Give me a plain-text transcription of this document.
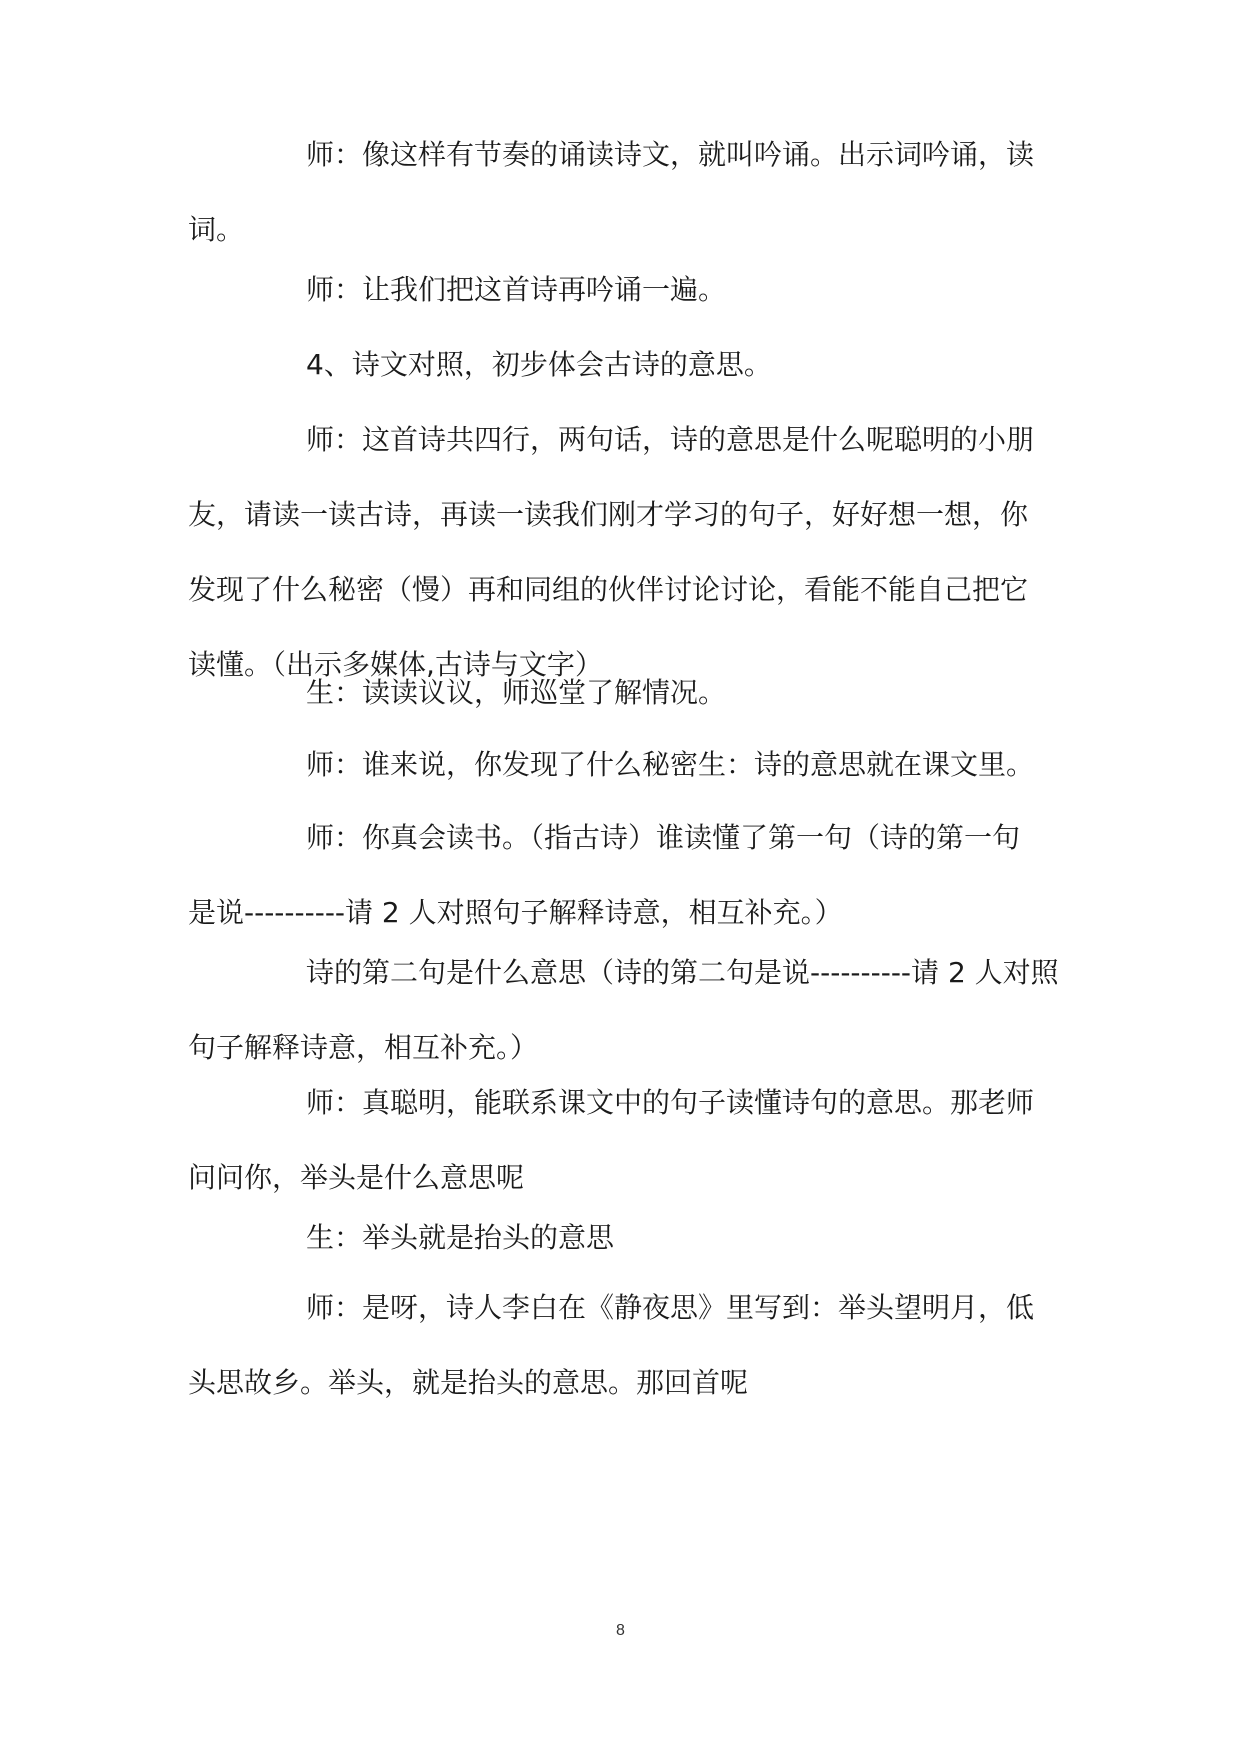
师：像这样有节奏的诵读诗文，就叫吟诵。出示词吟诵，读
词。
师：让我们把这首诗再吟诵一遍。
4、诗文对照，初步体会古诗的意思。
师：这首诗共四行，两句话，诗的意思是什么呢聪明的小朋
友，请读一读古诗，再读一读我们刚才学习的句子，好好想一想，你
发现了什么秘密（慢）再和同组的伙伴讨论讨论，看能不能自己把它
读懂。（出示多媒体,古诗与文字）
生：读读议议，师巡堂了解情况。
师：谁来说，你发现了什么秘密生：诗的意思就在课文里。
师：你真会读书。（指古诗）谁读懂了第一句（诗的第一句
是说----------请 2 人对照句子解释诗意，相互补充。）
诗的第二句是什么意思（诗的第二句是说----------请 2 人对照
句子解释诗意，相互补充。）
师：真聪明，能联系课文中的句子读懂诗句的意思。那老师
问问你，举头是什么意思呢
生：举头就是抬头的意思
师：是呀，诗人李白在《静夜思》里写到：举头望明月，低
头思故乡。举头，就是抬头的意思。那回首呢
8
